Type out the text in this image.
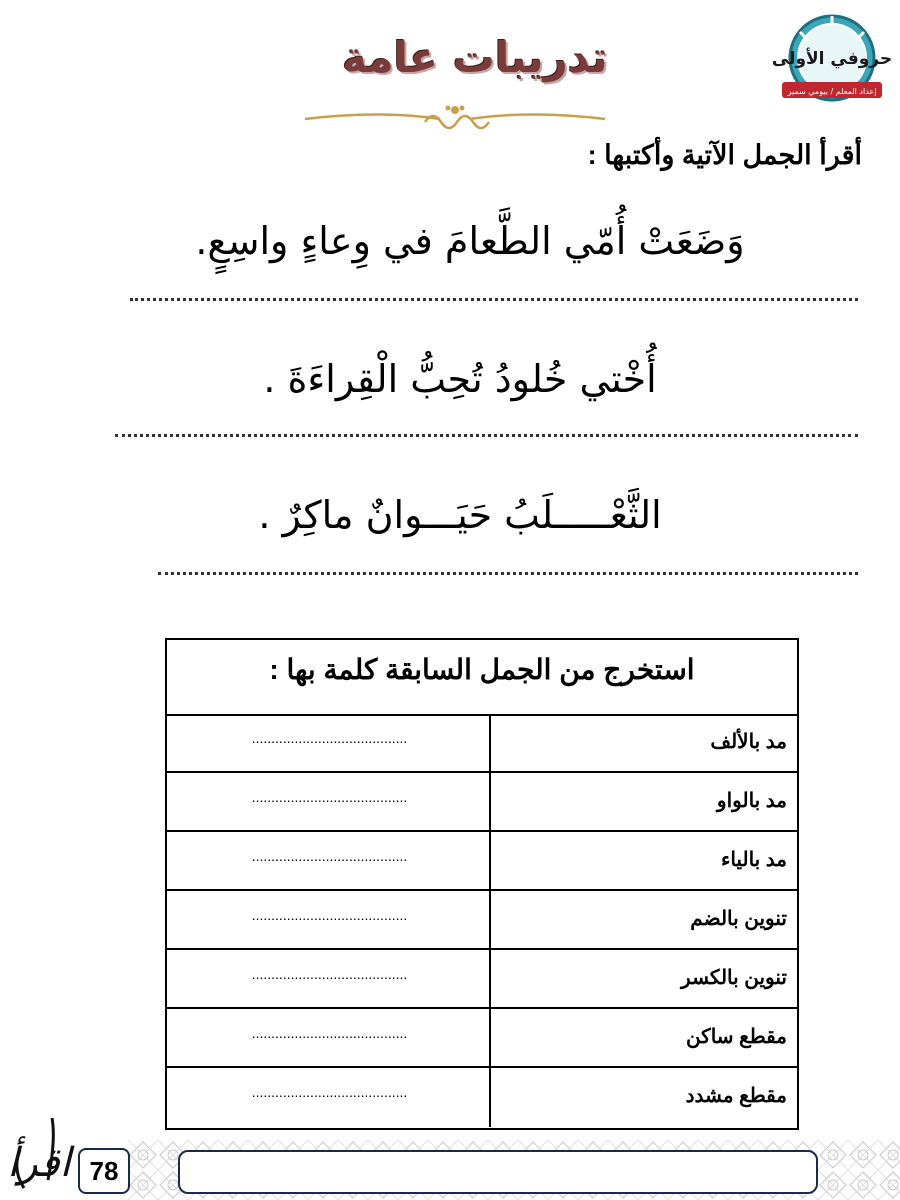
حروفي الأولى
إعداد المعلم / بيومي سمير
تدريبات عامة
أقرأ الجمل الآتية وأكتبها :
وَضَعَتْ أُمّي الطَّعامَ في وِعاءٍ واسِعٍ.
أُخْتي خُلودُ تُحِبُّ الْقِراءَةَ .
الثَّعْـــــلَبُ حَيَـــوانٌ ماكِرٌ .
استخرج من الجمل السابقة كلمة بها :
مد بالألف
........................................
مد بالواو
........................................
مد بالياء
........................................
تنوين بالضم
........................................
تنوين بالكسر
........................................
مقطع ساكن
........................................
مقطع مشدد
........................................
78
اقرأ
